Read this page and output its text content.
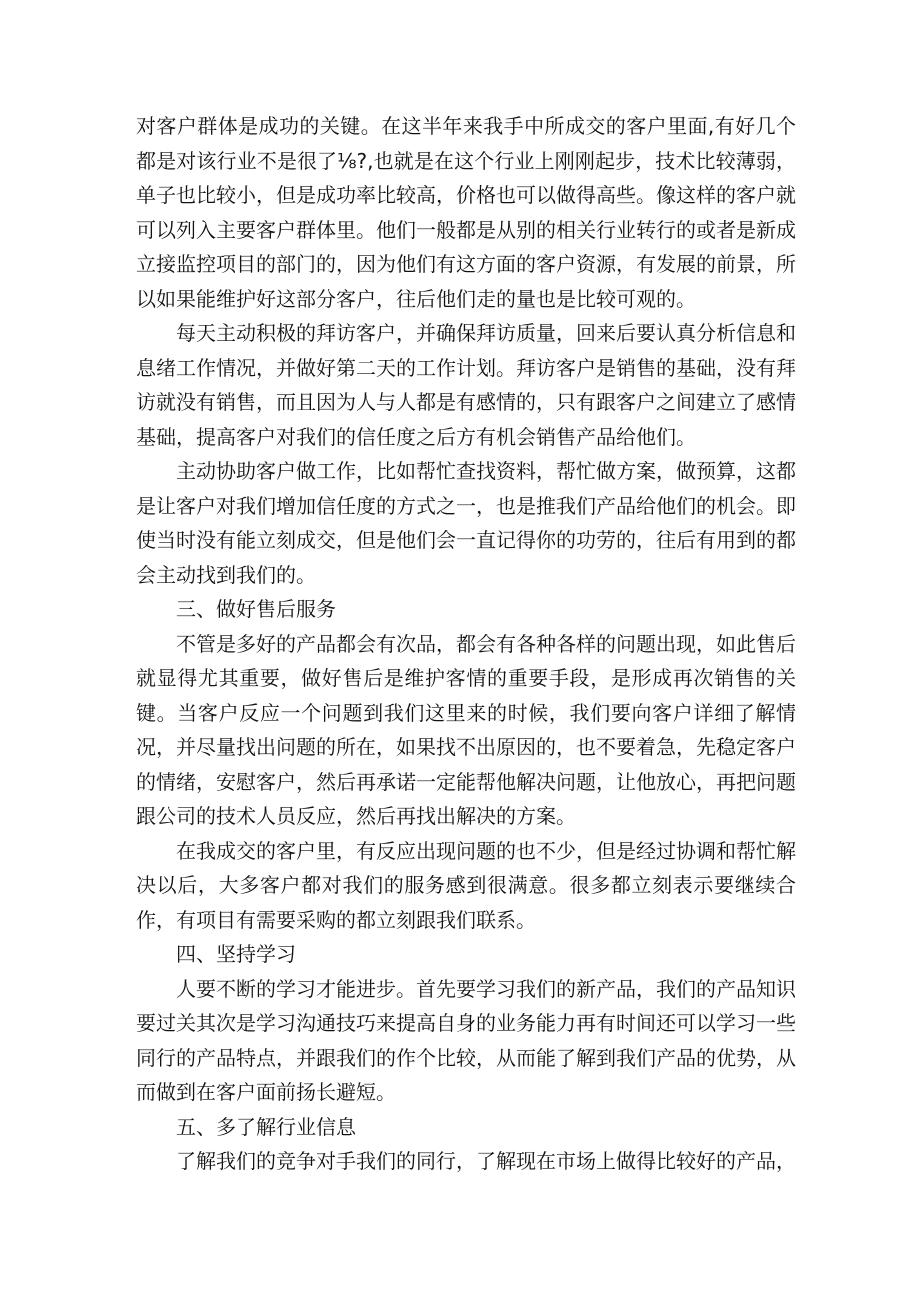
对客户群体是成功的关键。在这半年来我手中所成交的客户里面,有好几个都是对该行业不是很了⅛?,也就是在这个行业上刚刚起步，技术比较薄弱，单子也比较小，但是成功率比较高，价格也可以做得高些。像这样的客户就可以列入主要客户群体里。他们一般都是从别的相关行业转行的或者是新成立接监控项目的部门的，因为他们有这方面的客户资源，有发展的前景，所以如果能维护好这部分客户，往后他们走的量也是比较可观的。

每天主动积极的拜访客户，并确保拜访质量，回来后要认真分析信息和息绪工作情况，并做好第二天的工作计划。拜访客户是销售的基础，没有拜访就没有销售，而且因为人与人都是有感情的，只有跟客户之间建立了感情基础，提高客户对我们的信任度之后方有机会销售产品给他们。

主动协助客户做工作，比如帮忙查找资料，帮忙做方案，做预算，这都是让客户对我们增加信任度的方式之一，也是推我们产品给他们的机会。即使当时没有能立刻成交，但是他们会一直记得你的功劳的，往后有用到的都会主动找到我们的。

三、做好售后服务

不管是多好的产品都会有次品，都会有各种各样的问题出现，如此售后就显得尤其重要，做好售后是维护客情的重要手段，是形成再次销售的关键。当客户反应一个问题到我们这里来的时候，我们要向客户详细了解情况，并尽量找出问题的所在，如果找不出原因的，也不要着急，先稳定客户的情绪，安慰客户，然后再承诺一定能帮他解决问题，让他放心，再把问题跟公司的技术人员反应，然后再找出解决的方案。

在我成交的客户里，有反应出现问题的也不少，但是经过协调和帮忙解决以后，大多客户都对我们的服务感到很满意。很多都立刻表示要继续合作，有项目有需要采购的都立刻跟我们联系。

四、坚持学习

人要不断的学习才能进步。首先要学习我们的新产品，我们的产品知识要过关其次是学习沟通技巧来提高自身的业务能力再有时间还可以学习一些同行的产品特点，并跟我们的作个比较，从而能了解到我们产品的优势，从而做到在客户面前扬长避短。

五、多了解行业信息

了解我们的竞争对手我们的同行，了解现在市场上做得比较好的产品，
